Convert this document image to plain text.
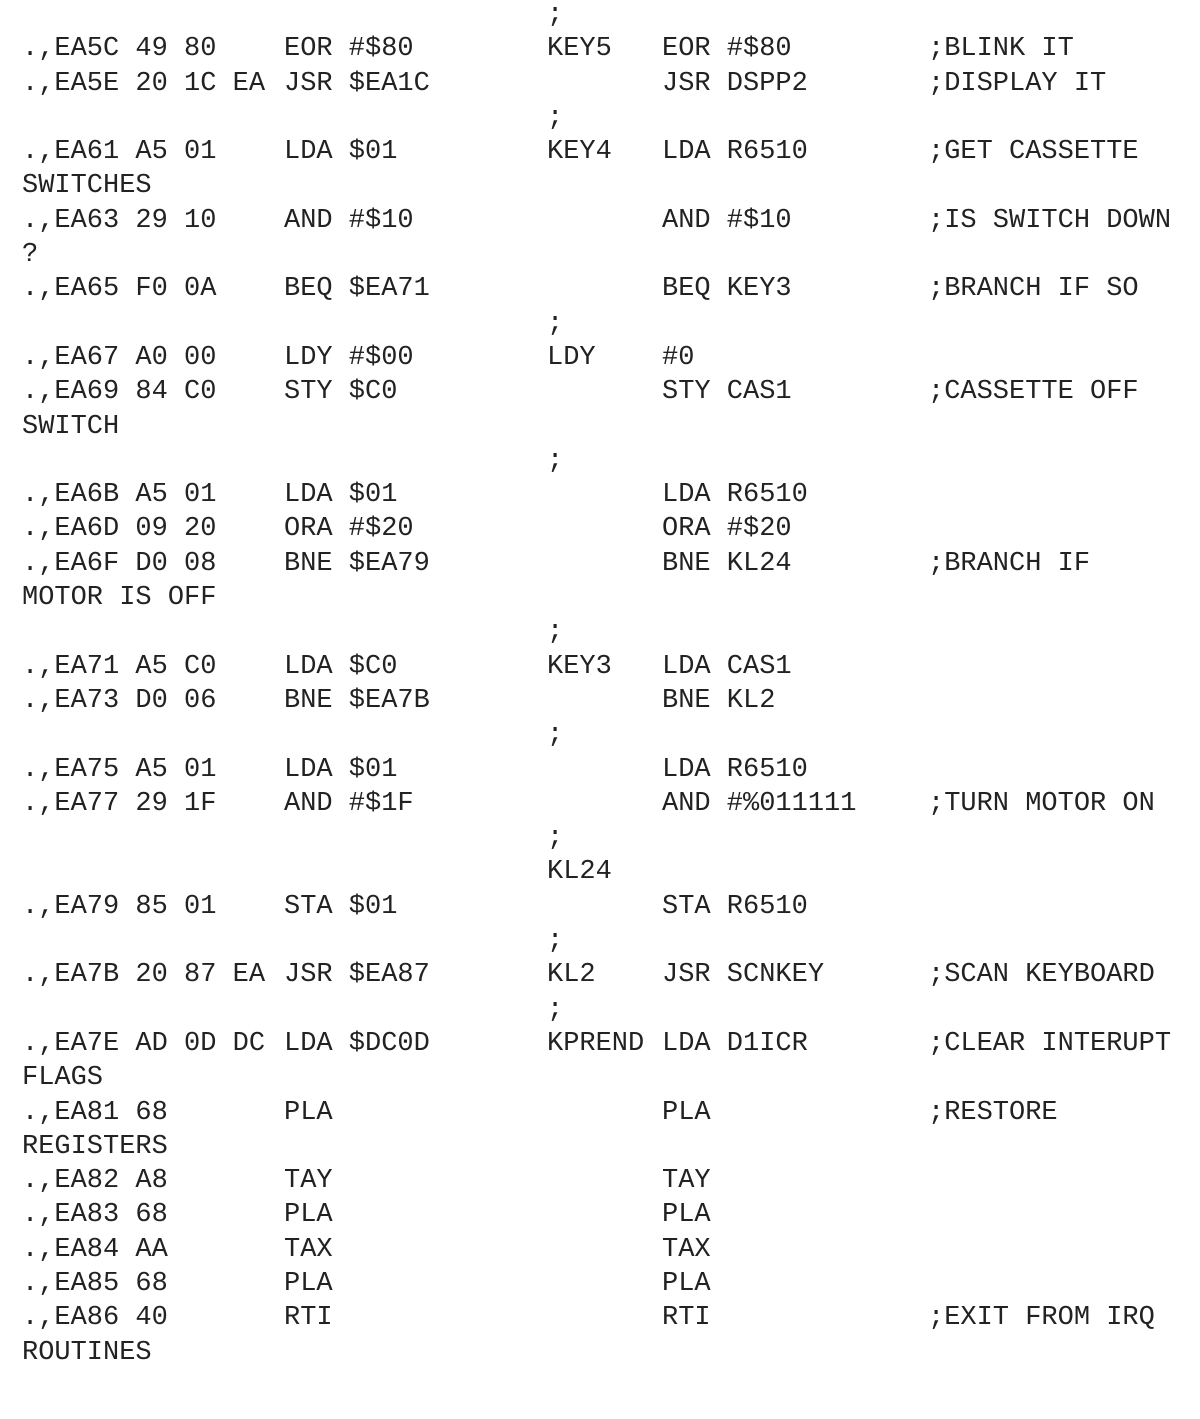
;
.,EA5C 49 80	EOR #$80	KEY5 EOR #$80	;BLINK IT
.,EA5E 20 1C EA JSR $EA1C	JSR DSPP2	;DISPLAY IT
;
.,EA61 A5 01	LDA $01	KEY4 LDA R6510	;GET CASSETTE
SWITCHES
.,EA63 29 10	AND #$10	AND #$10	;IS SWITCH DOWN
?
.,EA65 F0 0A	BEQ $EA71	BEQ KEY3	;BRANCH IF SO
;
.,EA67 A0 00	LDY #$00	LDY #0
.,EA69 84 C0	STY $C0	STY CAS1	;CASSETTE OFF
SWITCH
;
.,EA6B A5 01	LDA $01	LDA R6510
.,EA6D 09 20	ORA #$20	ORA #$20
.,EA6F D0 08	BNE $EA79	BNE KL24	;BRANCH IF
MOTOR IS OFF
;
.,EA71 A5 C0	LDA $C0	KEY3 LDA CAS1
.,EA73 D0 06	BNE $EA7B	BNE KL2
;
.,EA75 A5 01	LDA $01	LDA R6510
.,EA77 29 1F	AND #$1F	AND #%011111	;TURN MOTOR ON
;
KL24
.,EA79 85 01	STA $01	STA R6510
;
.,EA7B 20 87 EA JSR $EA87	KL2 JSR SCNKEY	;SCAN KEYBOARD
;
.,EA7E AD 0D DC LDA $DC0D	KPREND LDA D1ICR	;CLEAR INTERUPT
FLAGS
.,EA81 68	PLA	PLA	;RESTORE
REGISTERS
.,EA82 A8	TAY	TAY
.,EA83 68	PLA	PLA
.,EA84 AA	TAX	TAX
.,EA85 68	PLA	PLA
.,EA86 40	RTI	RTI	;EXIT FROM IRQ
ROUTINES
